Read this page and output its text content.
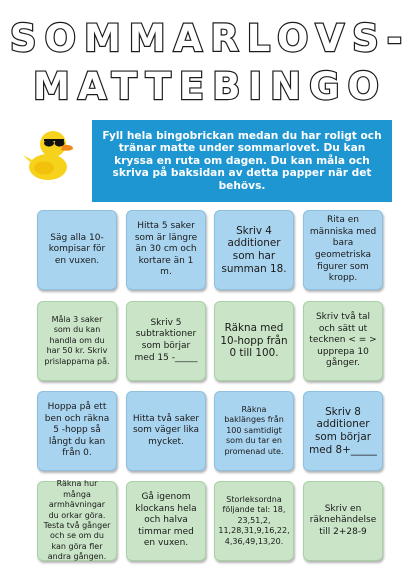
SOMMARLOVS-
MATTEBINGO
Fyll hela bingobrickan medan du har roligt och tränar matte under sommarlovet. Du kan kryssa en ruta om dagen. Du kan måla och skriva på baksidan av detta papper när det behövs.
Säg alla 10-kompisar för en vuxen.
Hitta 5 saker som är längre än 30 cm och kortare än 1 m.
Skriv 4 additioner som har summan 18.
Rita en människa med bara geometriska figurer som kropp.
Måla 3 saker som du kan handla om du har 50 kr. Skriv prislapparna på.
Skriv 5 subtraktioner som börjar med 15 -_____
Räkna med 10-hopp från 0 till 100.
Skriv två tal och sätt ut tecknen < = > upprepa 10 gånger.
Hoppa på ett ben och räkna 5 -hopp så långt du kan från 0.
Hitta två saker som väger lika mycket.
Räkna baklänges från 100 samtidigt som du tar en promenad ute.
Skriv 8 additioner som börjar med 8+_____
Räkna hur många armhävningar du orkar göra. Testa två gånger och se om du kan göra fler andra gången.
Gå igenom klockans hela och halva timmar med en vuxen.
Storleksordna följande tal: 18, 23,51,2, 11,28,31,9,16,22, 4,36,49,13,20.
Skriv en räknehändelse till 2+28-9
